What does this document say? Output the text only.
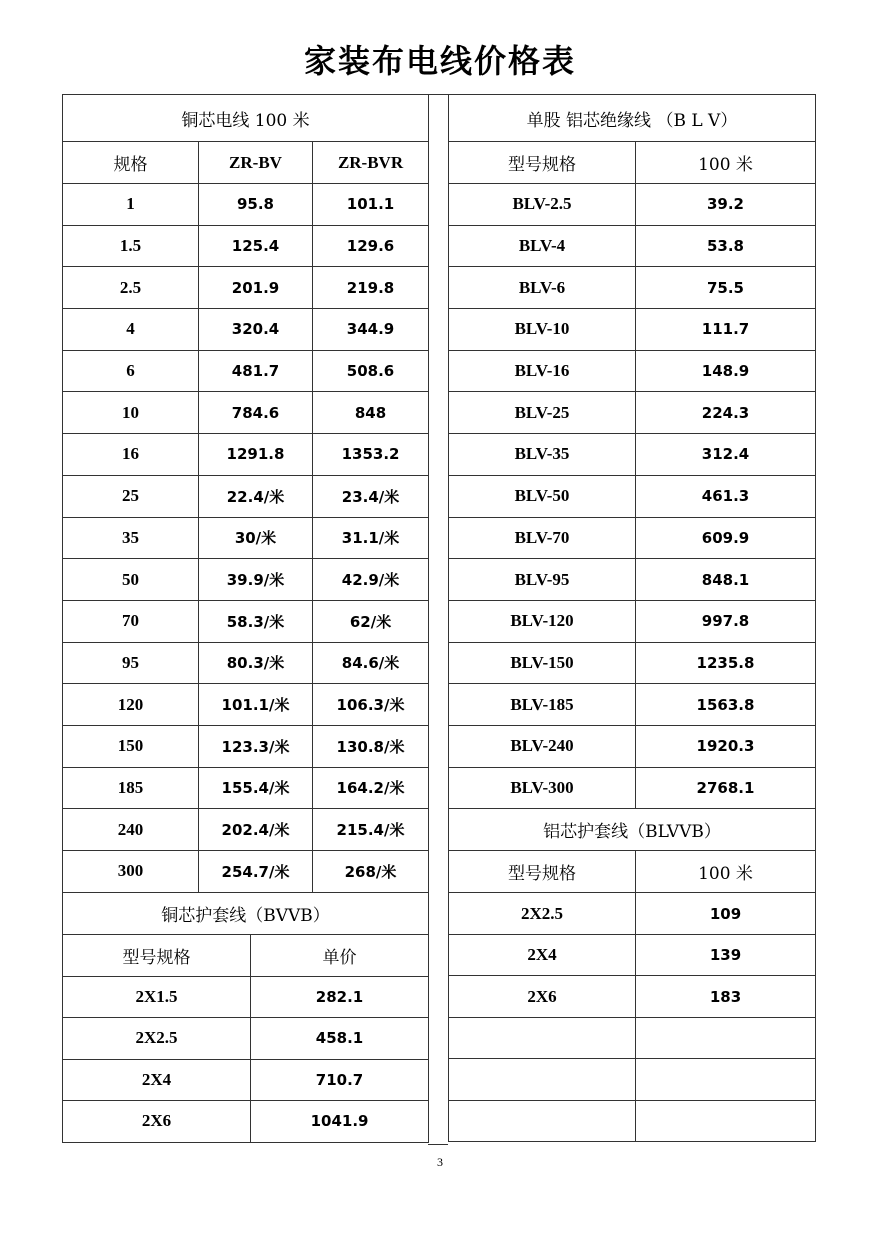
家装布电线价格表
铜芯电线 100 米			
规格	ZR-BV		ZR-BVR
1	95.8		101.1
1.5	125.4		129.6
2.5	201.9		219.8
4	320.4		344.9
6	481.7		508.6
10	784.6		848
16	1291.8		1353.2
25	22.4/米		23.4/米
35	30/米		31.1/米
50	39.9/米		42.9/米
70	58.3/米		62/米
95	80.3/米		84.6/米
120	101.1/米		106.3/米
150	123.3/米		130.8/米
185	155.4/米		164.2/米
240	202.4/米		215.4/米
300	254.7/米		268/米
铜芯护套线（BVVB）			
型号规格		单价	
2X1.5		282.1	
2X2.5		458.1	
2X4		710.7	
2X6		1041.9	
单股 铝芯绝缘线 （B L V）	
型号规格	100 米
BLV-2.5	39.2
BLV-4	53.8
BLV-6	75.5
BLV-10	111.7
BLV-16	148.9
BLV-25	224.3
BLV-35	312.4
BLV-50	461.3
BLV-70	609.9
BLV-95	848.1
BLV-120	997.8
BLV-150	1235.8
BLV-185	1563.8
BLV-240	1920.3
BLV-300	2768.1
铝芯护套线（BLVVB）	
型号规格	100 米
2X2.5	109
2X4	139
2X6	183

3
